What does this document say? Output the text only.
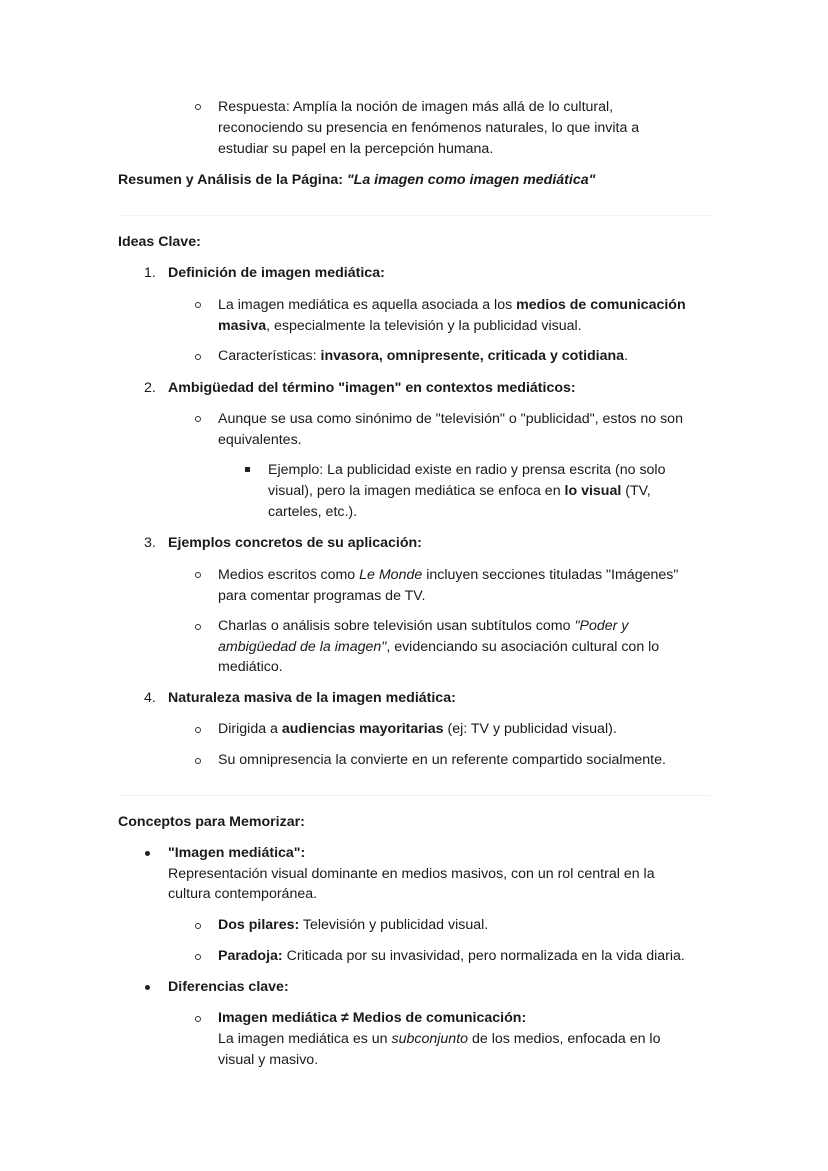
Respuesta: Amplía la noción de imagen más allá de lo cultural,
reconociendo su presencia en fenómenos naturales, lo que invita a
estudiar su papel en la percepción humana.
Resumen y Análisis de la Página: "La imagen como imagen mediática"
Ideas Clave:
1. Definición de imagen mediática:
La imagen mediática es aquella asociada a los medios de comunicación
masiva, especialmente la televisión y la publicidad visual.
Características: invasora, omnipresente, criticada y cotidiana.
2. Ambigüedad del término "imagen" en contextos mediáticos:
Aunque se usa como sinónimo de "televisión" o "publicidad", estos no son
equivalentes.
Ejemplo: La publicidad existe en radio y prensa escrita (no solo
visual), pero la imagen mediática se enfoca en lo visual (TV,
carteles, etc.).
3. Ejemplos concretos de su aplicación:
Medios escritos como Le Monde incluyen secciones tituladas "Imágenes"
para comentar programas de TV.
Charlas o análisis sobre televisión usan subtítulos como "Poder y
ambigüedad de la imagen", evidenciando su asociación cultural con lo
mediático.
4. Naturaleza masiva de la imagen mediática:
Dirigida a audiencias mayoritarias (ej: TV y publicidad visual).
Su omnipresencia la convierte en un referente compartido socialmente.
Conceptos para Memorizar:
"Imagen mediática":
Representación visual dominante en medios masivos, con un rol central en la
cultura contemporánea.
Dos pilares: Televisión y publicidad visual.
Paradoja: Criticada por su invasividad, pero normalizada en la vida diaria.
Diferencias clave:
Imagen mediática ≠ Medios de comunicación:
La imagen mediática es un subconjunto de los medios, enfocada en lo
visual y masivo.
